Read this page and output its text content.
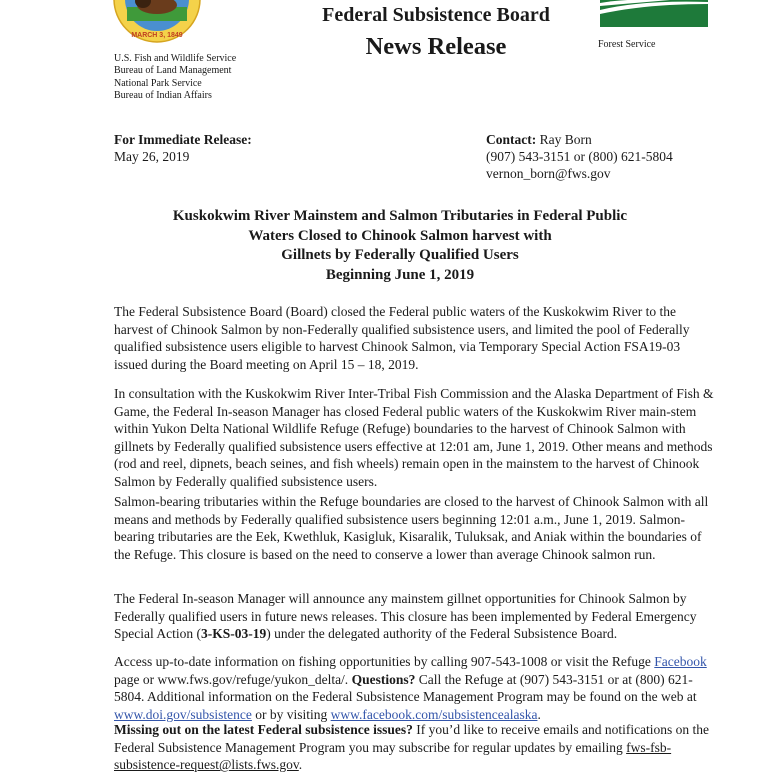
MARCH 3, 1849
U.S. Fish and Wildlife Service
Bureau of Land Management
National Park Service
Bureau of Indian Affairs
Federal Subsistence Board
News Release	Forest Service
For Immediate Release:
May 26, 2019
Contact: Ray Born
(907) 543-3151 or (800) 621-5804
vernon_born@fws.gov
Kuskokwim River Mainstem and Salmon Tributaries in Federal Public
Waters Closed to Chinook Salmon harvest with
Gillnets by Federally Qualified Users
Beginning June 1, 2019
The Federal Subsistence Board (Board) closed the Federal public waters of the Kuskokwim River to the harvest of Chinook Salmon by non-Federally qualified subsistence users, and limited the pool of Federally qualified subsistence users eligible to harvest Chinook Salmon, via Temporary Special Action FSA19-03 issued during the Board meeting on April 15 – 18, 2019.
In consultation with the Kuskokwim River Inter-Tribal Fish Commission and the Alaska Department of Fish & Game, the Federal In-season Manager has closed Federal public waters of the Kuskokwim River main-stem within Yukon Delta National Wildlife Refuge (Refuge) boundaries to the harvest of Chinook Salmon with gillnets by Federally qualified subsistence users effective at 12:01 am, June 1, 2019. Other means and methods (rod and reel, dipnets, beach seines, and fish wheels) remain open in the mainstem to the harvest of Chinook Salmon by Federally qualified subsistence users.
Salmon-bearing tributaries within the Refuge boundaries are closed to the harvest of Chinook Salmon with all means and methods by Federally qualified subsistence users beginning 12:01 a.m., June 1, 2019. Salmon-bearing tributaries are the Eek, Kwethluk, Kasigluk, Kisaralik, Tuluksak, and Aniak within the boundaries of the Refuge. This closure is based on the need to conserve a lower than average Chinook salmon run.
The Federal In-season Manager will announce any mainstem gillnet opportunities for Chinook Salmon by Federally qualified users in future news releases. This closure has been implemented by Federal Emergency Special Action (3-KS-03-19) under the delegated authority of the Federal Subsistence Board.
Access up-to-date information on fishing opportunities by calling 907-543-1008 or visit the Refuge Facebook page or www.fws.gov/refuge/yukon_delta/. Questions? Call the Refuge at (907) 543-3151 or at (800) 621-5804. Additional information on the Federal Subsistence Management Program may be found on the web at www.doi.gov/subsistence or by visiting www.facebook.com/subsistencealaska.
Missing out on the latest Federal subsistence issues? If you’d like to receive emails and notifications on the Federal Subsistence Management Program you may subscribe for regular updates by emailing fws-fsb-subsistence-request@lists.fws.gov.
